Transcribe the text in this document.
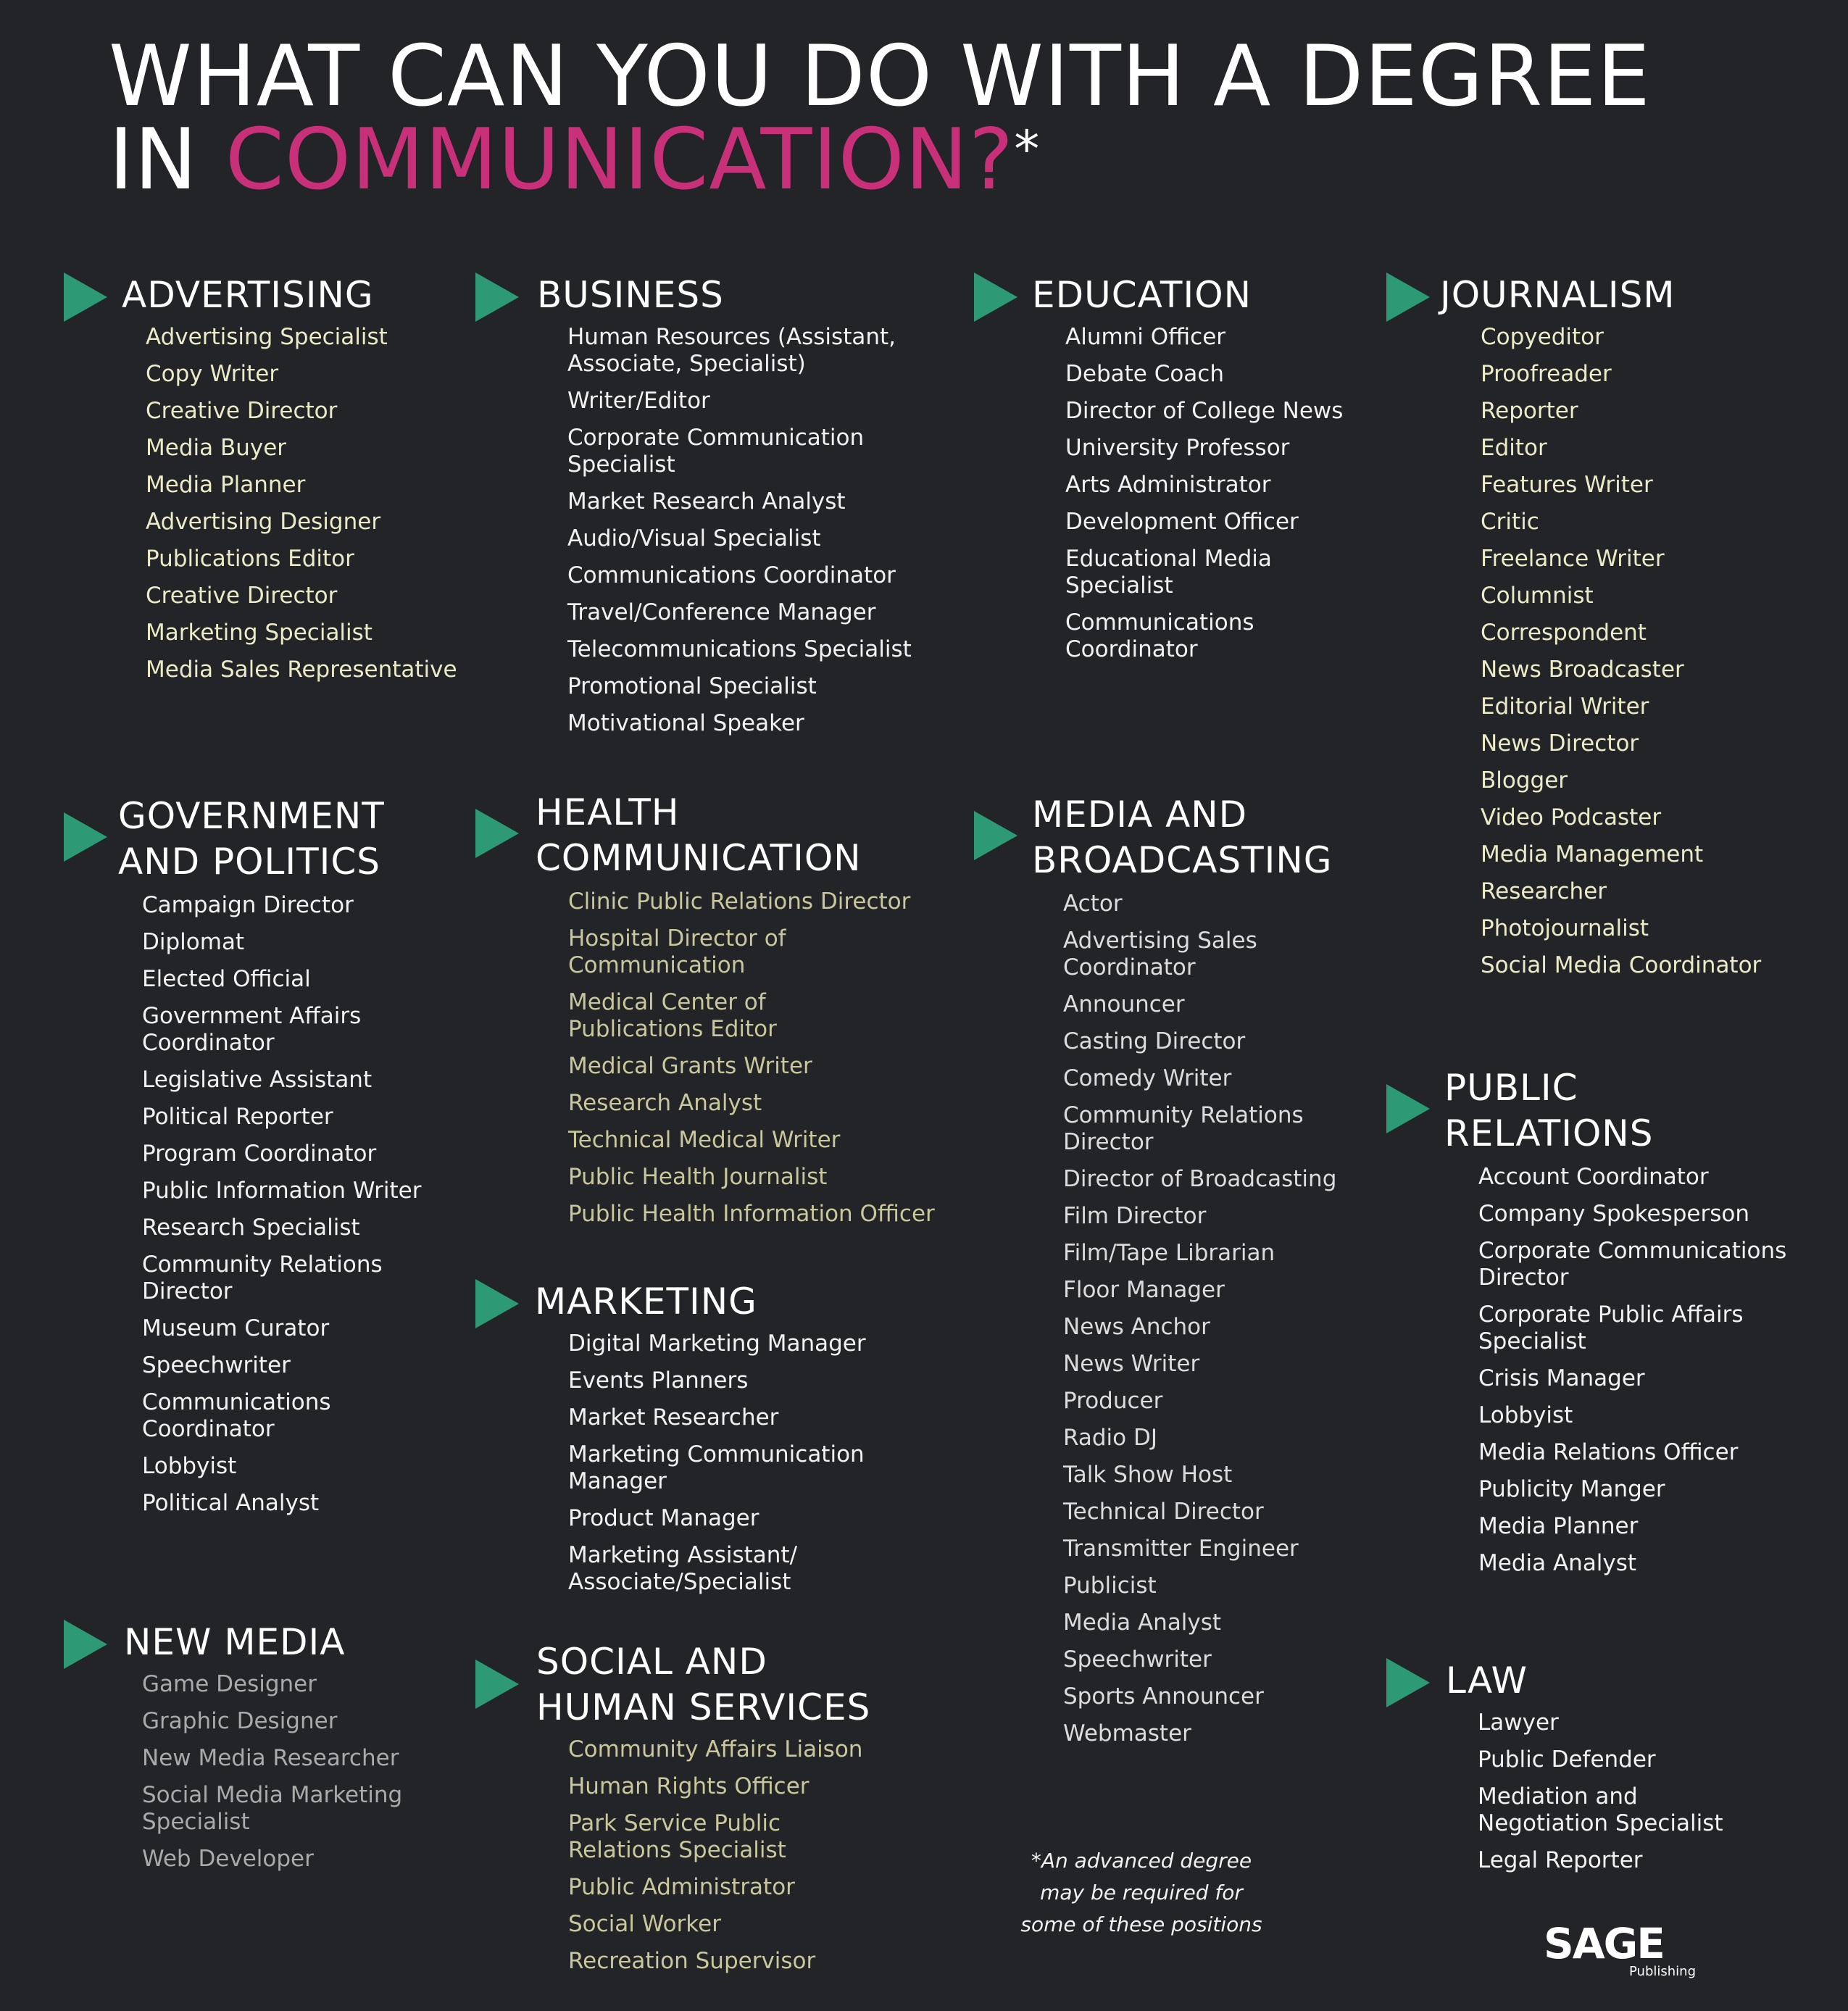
WHAT CAN YOU DO WITH A DEGREE
IN COMMUNICATION?*
ADVERTISING
Advertising Specialist
Copy Writer
Creative Director
Media Buyer
Media Planner
Advertising Designer
Publications Editor
Creative Director
Marketing Specialist
Media Sales Representative
GOVERNMENT
AND POLITICS
Campaign Director
Diplomat
Elected Official
Government Affairs
Coordinator
Legislative Assistant
Political Reporter
Program Coordinator
Public Information Writer
Research Specialist
Community Relations
Director
Museum Curator
Speechwriter
Communications
Coordinator
Lobbyist
Political Analyst
NEW MEDIA
Game Designer
Graphic Designer
New Media Researcher
Social Media Marketing
Specialist
Web Developer
BUSINESS
Human Resources (Assistant,
Associate, Specialist)
Writer/Editor
Corporate Communication
Specialist
Market Research Analyst
Audio/Visual Specialist
Communications Coordinator
Travel/Conference Manager
Telecommunications Specialist
Promotional Specialist
Motivational Speaker
HEALTH
COMMUNICATION
Clinic Public Relations Director
Hospital Director of
Communication
Medical Center of
Publications Editor
Medical Grants Writer
Research Analyst
Technical Medical Writer
Public Health Journalist
Public Health Information Officer
MARKETING
Digital Marketing Manager
Events Planners
Market Researcher
Marketing Communication
Manager
Product Manager
Marketing Assistant/
Associate/Specialist
SOCIAL AND
HUMAN SERVICES
Community Affairs Liaison
Human Rights Officer
Park Service Public
Relations Specialist
Public Administrator
Social Worker
Recreation Supervisor
EDUCATION
Alumni Officer
Debate Coach
Director of College News
University Professor
Arts Administrator
Development Officer
Educational Media
Specialist
Communications
Coordinator
MEDIA AND
BROADCASTING
Actor
Advertising Sales
Coordinator
Announcer
Casting Director
Comedy Writer
Community Relations
Director
Director of Broadcasting
Film Director
Film/Tape Librarian
Floor Manager
News Anchor
News Writer
Producer
Radio DJ
Talk Show Host
Technical Director
Transmitter Engineer
Publicist
Media Analyst
Speechwriter
Sports Announcer
Webmaster
JOURNALISM
Copyeditor
Proofreader
Reporter
Editor
Features Writer
Critic
Freelance Writer
Columnist
Correspondent
News Broadcaster
Editorial Writer
News Director
Blogger
Video Podcaster
Media Management
Researcher
Photojournalist
Social Media Coordinator
PUBLIC
RELATIONS
Account Coordinator
Company Spokesperson
Corporate Communications
Director
Corporate Public Affairs
Specialist
Crisis Manager
Lobbyist
Media Relations Officer
Publicity Manger
Media Planner
Media Analyst
LAW
Lawyer
Public Defender
Mediation and
Negotiation Specialist
Legal Reporter
*An advanced degree
may be required for
some of these positions	SAGE
Publishing
